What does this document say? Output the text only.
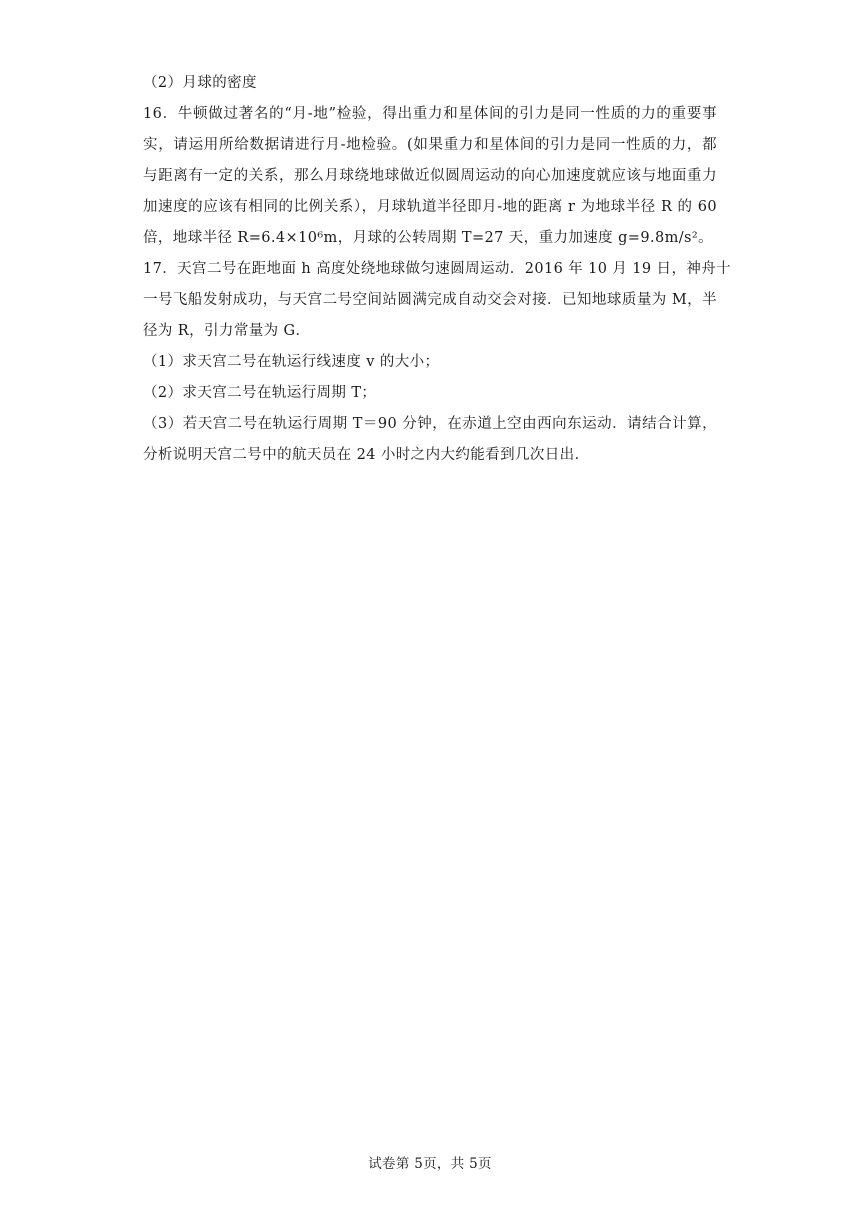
（2）月球的密度
16．牛顿做过著名的“月-地”检验，得出重力和星体间的引力是同一性质的力的重要事
实，请运用所给数据请进行月-地检验。(如果重力和星体间的引力是同一性质的力，都
与距离有一定的关系，那么月球绕地球做近似圆周运动的向心加速度就应该与地面重力
加速度的应该有相同的比例关系），月球轨道半径即月-地的距离 r 为地球半径 R 的 60
倍，地球半径 R=6.4×10⁶m，月球的公转周期 T=27 天，重力加速度 g=9.8m/s²。
17．天宫二号在距地面 h 高度处绕地球做匀速圆周运动．2016 年 10 月 19 日，神舟十
一号飞船发射成功，与天宫二号空间站圆满完成自动交会对接．已知地球质量为 M，半
径为 R，引力常量为 G．
（1）求天宫二号在轨运行线速度 v 的大小；
（2）求天宫二号在轨运行周期 T；
（3）若天宫二号在轨运行周期 T＝90 分钟，在赤道上空由西向东运动．请结合计算，
分析说明天宫二号中的航天员在 24 小时之内大约能看到几次日出．
试卷第 5页，共 5页
